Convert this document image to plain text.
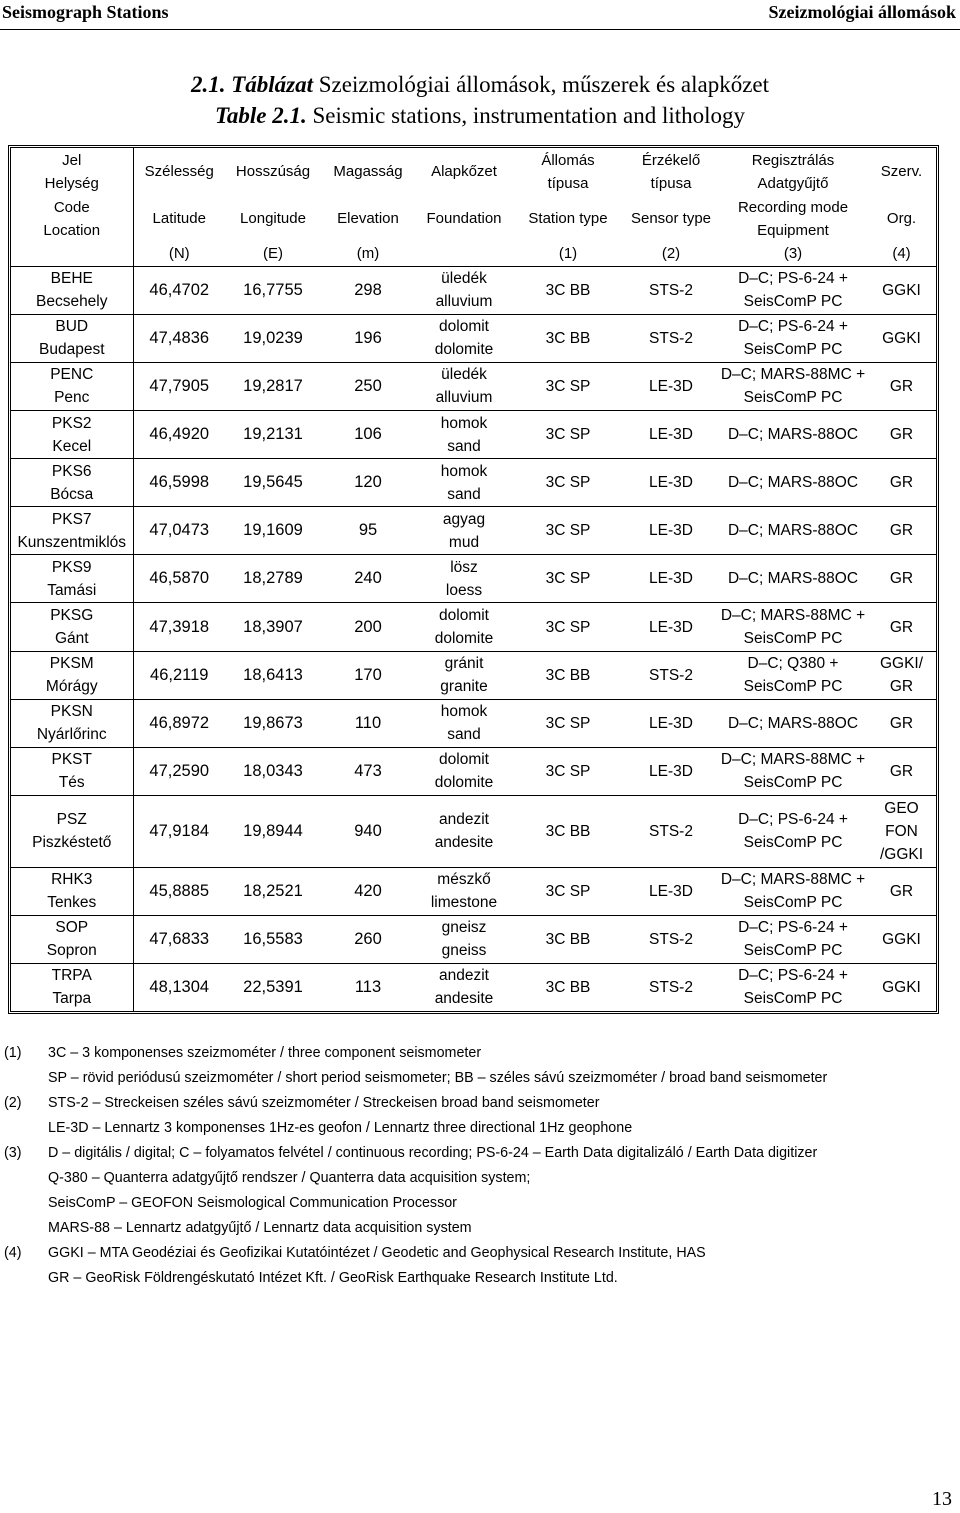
Seismograph Stations	Szeizmológiai állomások
2.1. Táblázat Szeizmológiai állomások, műszerek és alapkőzet
Table 2.1. Seismic stations, instrumentation and lithology
Jel
Helység	Szélesség	Hosszúság	Magasság	Alapkőzet	Állomás
típusa	Érzékelő
típusa	Regisztrálás
Adatgyűjtő	Szerv.

Code
Location	Latitude	Longitude	Elevation	Foundation	Station type	Sensor type	Recording mode
Equipment	Org.
	(N)	(E)	(m)		(1)	(2)	(3)	(4)

BEHE
Becsehely	46,4702	16,7755	298	üledék
alluvium	3C BB	STS-2	D–C; PS-6-24 +
SeisComP PC	GGKI

BUD
Budapest	47,4836	19,0239	196	dolomit
dolomite	3C BB	STS-2	D–C; PS-6-24 +
SeisComP PC	GGKI

PENC
Penc	47,7905	19,2817	250	üledék
alluvium	3C SP	LE-3D	D–C; MARS-88MC +
SeisComP PC	GR

PKS2
Kecel	46,4920	19,2131	106	homok
sand	3C SP	LE-3D	D–C; MARS-88OC	GR

PKS6
Bócsa	46,5998	19,5645	120	homok
sand	3C SP	LE-3D	D–C; MARS-88OC	GR

PKS7
Kunszentmiklós	47,0473	19,1609	95	agyag
mud	3C SP	LE-3D	D–C; MARS-88OC	GR

PKS9
Tamási	46,5870	18,2789	240	lösz
loess	3C SP	LE-3D	D–C; MARS-88OC	GR

PKSG
Gánt	47,3918	18,3907	200	dolomit
dolomite	3C SP	LE-3D	D–C; MARS-88MC +
SeisComP PC	GR

PKSM
Mórágy	46,2119	18,6413	170	gránit
granite	3C BB	STS-2	D–C; Q380 +
SeisComP PC	GGKI/
GR

PKSN
Nyárlőrinc	46,8972	19,8673	110	homok
sand	3C SP	LE-3D	D–C; MARS-88OC	GR

PKST
Tés	47,2590	18,0343	473	dolomit
dolomite	3C SP	LE-3D	D–C; MARS-88MC +
SeisComP PC	GR

PSZ
Piszkéstető	47,9184	19,8944	940	andezit
andesite	3C BB	STS-2	D–C; PS-6-24 +
SeisComP PC	GEO
FON
/GGKI

RHK3
Tenkes	45,8885	18,2521	420	mészkő
limestone	3C SP	LE-3D	D–C; MARS-88MC +
SeisComP PC	GR

SOP
Sopron	47,6833	16,5583	260	gneisz
gneiss	3C BB	STS-2	D–C; PS-6-24 +
SeisComP PC	GGKI

TRPA
Tarpa	48,1304	22,5391	113	andezit
andesite	3C BB	STS-2	D–C; PS-6-24 +
SeisComP PC	GGKI
(1) 3C – 3 komponenses szeizmométer / three component seismometer
SP – rövid periódusú szeizmométer / short period seismometer; BB – széles sávú szeizmométer / broad band seismometer
(2) STS-2 – Streckeisen széles sávú szeizmométer / Streckeisen broad band seismometer
LE-3D – Lennartz 3 komponenses 1Hz-es geofon / Lennartz three directional 1Hz geophone
(3) D – digitális / digital; C – folyamatos felvétel / continuous recording; PS-6-24 – Earth Data digitalizáló / Earth Data digitizer
Q-380 – Quanterra adatgyűjtő rendszer / Quanterra data acquisition system;
SeisComP – GEOFON Seismological Communication Processor
MARS-88 – Lennartz adatgyűjtő / Lennartz data acquisition system
(4) GGKI – MTA Geodéziai és Geofizikai Kutatóintézet / Geodetic and Geophysical Research Institute, HAS
GR – GeoRisk Földrengéskutató Intézet Kft. / GeoRisk Earthquake Research Institute Ltd.
13
